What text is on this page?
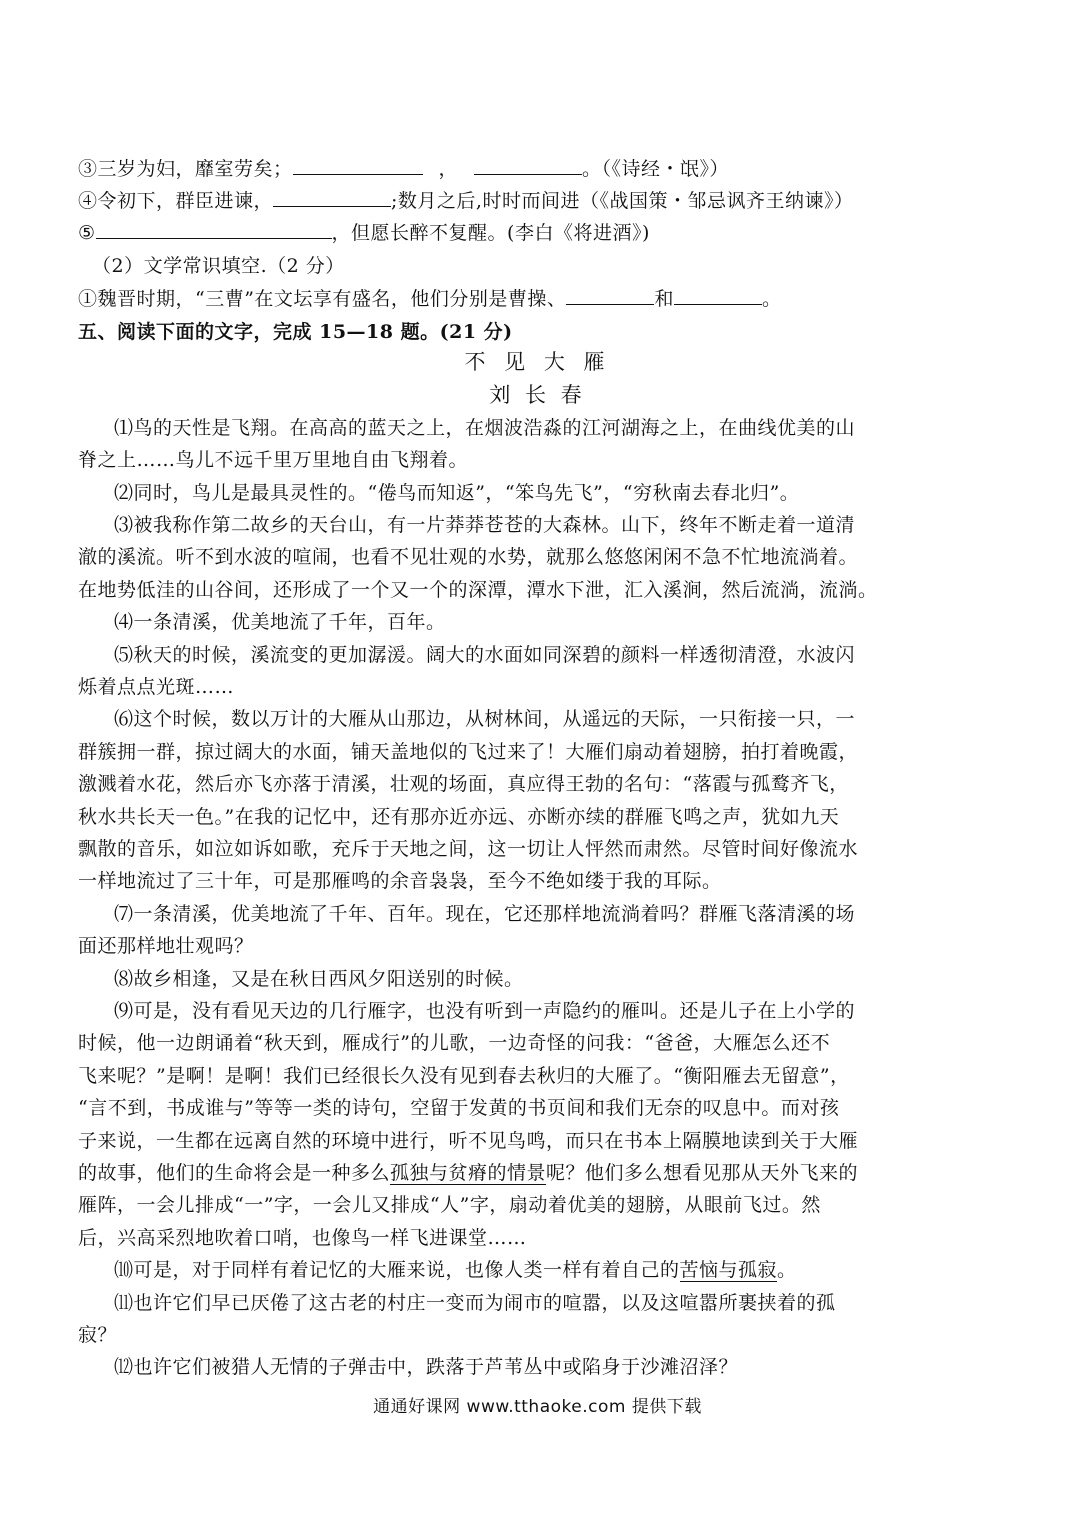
③三岁为妇，靡室劳矣；	，	。（《诗经・氓》）
④令初下，群臣进谏，	;数月之后,时时而间进（《战国策・邹忌讽齐王纳谏》）
⑤	，但愿长醉不复醒。(李白《将进酒》)
（2）文学常识填空.（2 分）
①魏晋时期，“三曹”在文坛享有盛名，他们分别是曹操、	和	。
五、阅读下面的文字，完成 15—18 题。(21 分)
不 见 大 雁
刘 长 春
⑴鸟的天性是飞翔。在高高的蓝天之上，在烟波浩淼的江河湖海之上，在曲线优美的山
脊之上……鸟儿不远千里万里地自由飞翔着。
⑵同时，鸟儿是最具灵性的。“倦鸟而知返”，“笨鸟先飞”，“穷秋南去春北归”。
⑶被我称作第二故乡的天台山，有一片莽莽苍苍的大森林。山下，终年不断走着一道清
澈的溪流。听不到水波的喧闹，也看不见壮观的水势，就那么悠悠闲闲不急不忙地流淌着。
在地势低洼的山谷间，还形成了一个又一个的深潭，潭水下泄，汇入溪涧，然后流淌，流淌。
⑷一条清溪，优美地流了千年，百年。
⑸秋天的时候，溪流变的更加潺湲。阔大的水面如同深碧的颜料一样透彻清澄，水波闪
烁着点点光斑……
⑹这个时候，数以万计的大雁从山那边，从树林间，从遥远的天际，一只衔接一只，一
群簇拥一群，掠过阔大的水面，铺天盖地似的飞过来了！大雁们扇动着翅膀，拍打着晚霞，
激溅着水花，然后亦飞亦落于清溪，壮观的场面，真应得王勃的名句：“落霞与孤鹜齐飞，
秋水共长天一色。”在我的记忆中，还有那亦近亦远、亦断亦续的群雁飞鸣之声，犹如九天
飘散的音乐，如泣如诉如歌，充斥于天地之间，这一切让人怦然而肃然。尽管时间好像流水
一样地流过了三十年，可是那雁鸣的余音袅袅，至今不绝如缕于我的耳际。
⑺一条清溪，优美地流了千年、百年。现在，它还那样地流淌着吗？群雁飞落清溪的场
面还那样地壮观吗？
⑻故乡相逢，又是在秋日西风夕阳送别的时候。
⑼可是，没有看见天边的几行雁字，也没有听到一声隐约的雁叫。还是儿子在上小学的
时候，他一边朗诵着“秋天到，雁成行”的儿歌，一边奇怪的问我：“爸爸，大雁怎么还不
飞来呢？”是啊！是啊！我们已经很长久没有见到春去秋归的大雁了。“衡阳雁去无留意”，
“言不到，书成谁与”等等一类的诗句，空留于发黄的书页间和我们无奈的叹息中。而对孩
子来说，一生都在远离自然的环境中进行，听不见鸟鸣，而只在书本上隔膜地读到关于大雁
的故事，他们的生命将会是一种多么孤独与贫瘠的情景呢？他们多么想看见那从天外飞来的
雁阵，一会儿排成“一”字，一会儿又排成“人”字，扇动着优美的翅膀，从眼前飞过。然
后，兴高采烈地吹着口哨，也像鸟一样飞进课堂……
⑽可是，对于同样有着记忆的大雁来说，也像人类一样有着自己的苦恼与孤寂。
⑾也许它们早已厌倦了这古老的村庄一变而为闹市的喧嚣，以及这喧嚣所裹挟着的孤
寂？
⑿也许它们被猎人无情的子弹击中，跌落于芦苇丛中或陷身于沙滩沼泽？
通通好课网 www.tthaoke.com 提供下载
